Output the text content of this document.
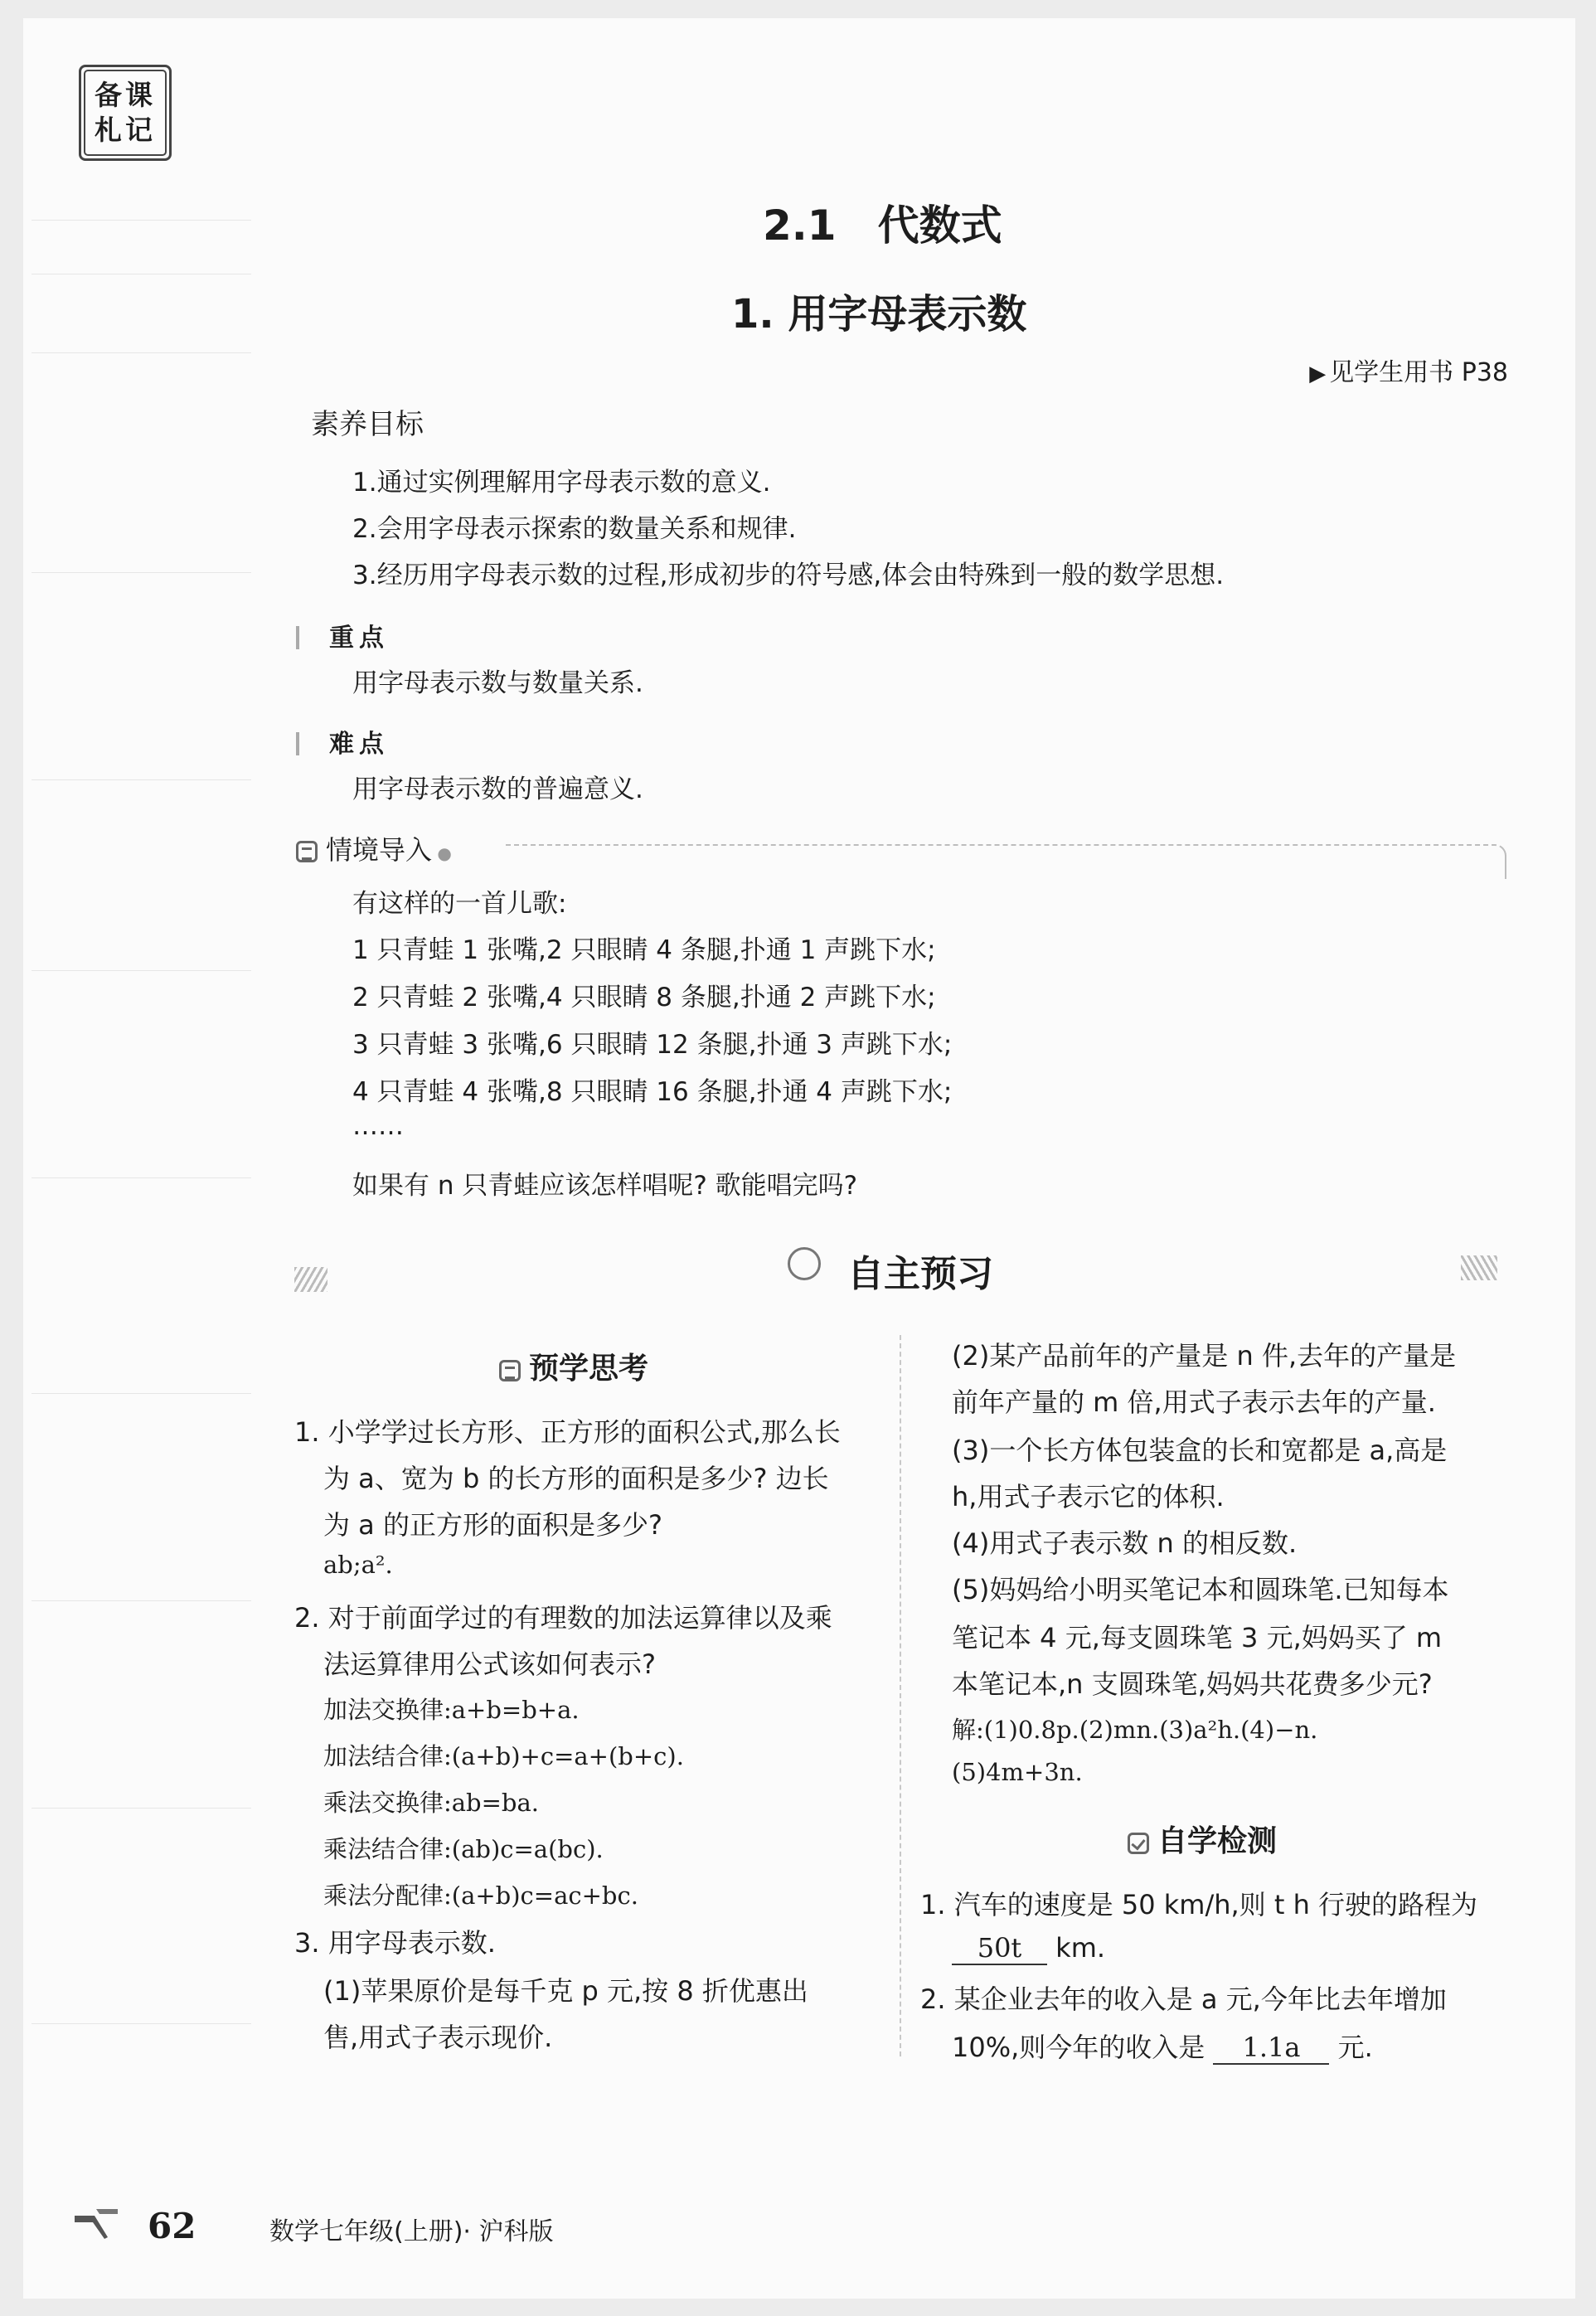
备课
札记
2.1　代数式
1. 用字母表示数
▶ 见学生用书 P38
素养目标
1.通过实例理解用字母表示数的意义.
2.会用字母表示探索的数量关系和规律.
3.经历用字母表示数的过程,形成初步的符号感,体会由特殊到一般的数学思想.
重点
用字母表示数与数量关系.
难点
用字母表示数的普遍意义.
情境导入 ●
有这样的一首儿歌:
1 只青蛙 1 张嘴,2 只眼睛 4 条腿,扑通 1 声跳下水;
2 只青蛙 2 张嘴,4 只眼睛 8 条腿,扑通 2 声跳下水;
3 只青蛙 3 张嘴,6 只眼睛 12 条腿,扑通 3 声跳下水;
4 只青蛙 4 张嘴,8 只眼睛 16 条腿,扑通 4 声跳下水;
……
如果有 n 只青蛙应该怎样唱呢? 歌能唱完吗?
自主预习
预学思考
1. 小学学过长方形、正方形的面积公式,那么长
为 a、宽为 b 的长方形的面积是多少? 边长
为 a 的正方形的面积是多少?
ab;a².
2. 对于前面学过的有理数的加法运算律以及乘
法运算律用公式该如何表示?
加法交换律:a+b=b+a.
加法结合律:(a+b)+c=a+(b+c).
乘法交换律:ab=ba.
乘法结合律:(ab)c=a(bc).
乘法分配律:(a+b)c=ac+bc.
3. 用字母表示数.
(1)苹果原价是每千克 p 元,按 8 折优惠出
售,用式子表示现价.
(2)某产品前年的产量是 n 件,去年的产量是
前年产量的 m 倍,用式子表示去年的产量.
(3)一个长方体包装盒的长和宽都是 a,高是
h,用式子表示它的体积.
(4)用式子表示数 n 的相反数.
(5)妈妈给小明买笔记本和圆珠笔.已知每本
笔记本 4 元,每支圆珠笔 3 元,妈妈买了 m
本笔记本,n 支圆珠笔,妈妈共花费多少元?
解:(1)0.8p.(2)mn.(3)a²h.(4)−n.
(5)4m+3n.
自学检测
1. 汽车的速度是 50 km/h,则 t h 行驶的路程为
50t km.
2. 某企业去年的收入是 a 元,今年比去年增加
10%,则今年的收入是 1.1a 元.
62	数学七年级(上册)· 沪科版
